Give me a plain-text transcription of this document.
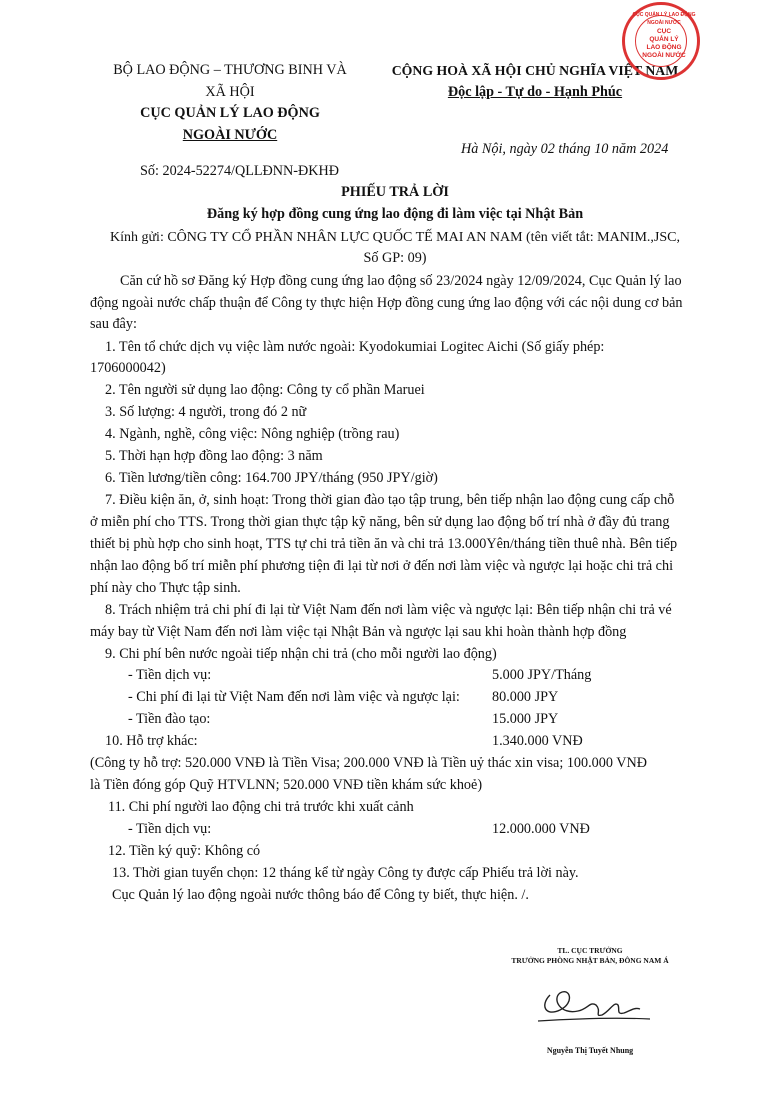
BỘ LAO ĐỘNG – THƯƠNG BINH VÀ
XÃ HỘI
CỤC QUẢN LÝ LAO ĐỘNG
NGOÀI NƯỚC
Số: 2024-52274/QLLĐNN-ĐKHĐ
CỘNG HOÀ XÃ HỘI CHỦ NGHĨA VIỆT NAM
Độc lập - Tự do - Hạnh Phúc
Hà Nội, ngày 02 tháng 10 năm 2024
CỤC QUẢN LÝ LAO ĐỘNG NGOÀI NƯỚC
CỤC
QUẢN LÝ
LAO ĐỘNG
NGOÀI NƯỚC
PHIẾU TRẢ LỜI
Đăng ký hợp đồng cung ứng lao động đi làm việc tại Nhật Bản
Kính gửi: CÔNG TY CỔ PHẦN NHÂN LỰC QUỐC TẾ MAI AN NAM (tên viết tắt: MANIM.,JSC,
Số GP: 09)
Căn cứ hồ sơ Đăng ký Hợp đồng cung ứng lao động số 23/2024 ngày 12/09/2024, Cục Quản lý lao
động ngoài nước chấp thuận để Công ty thực hiện Hợp đồng cung ứng lao động với các nội dung cơ bản
sau đây:
1. Tên tổ chức dịch vụ việc làm nước ngoài: Kyodokumiai Logitec Aichi (Số giấy phép:
1706000042)
2. Tên người sử dụng lao động: Công ty cổ phần Maruei
3. Số lượng: 4 người, trong đó 2 nữ
4. Ngành, nghề, công việc: Nông nghiệp (trồng rau)
5. Thời hạn hợp đồng lao động: 3 năm
6. Tiền lương/tiền công: 164.700 JPY/tháng (950 JPY/giờ)
7. Điều kiện ăn, ở, sinh hoạt: Trong thời gian đào tạo tập trung, bên tiếp nhận lao động cung cấp chỗ
ở miễn phí cho TTS. Trong thời gian thực tập kỹ năng, bên sử dụng lao động bố trí nhà ở đầy đủ trang
thiết bị phù hợp cho sinh hoạt, TTS tự chi trả tiền ăn và chi trả 13.000Yên/tháng tiền thuê nhà. Bên tiếp
nhận lao động bố trí miễn phí phương tiện đi lại từ nơi ở đến nơi làm việc và ngược lại hoặc chi trả chi
phí này cho Thực tập sinh.
8. Trách nhiệm trả chi phí đi lại từ Việt Nam đến nơi làm việc và ngược lại: Bên tiếp nhận chi trả vé
máy bay từ Việt Nam đến nơi làm việc tại Nhật Bản và ngược lại sau khi hoàn thành hợp đồng
9. Chi phí bên nước ngoài tiếp nhận chi trả (cho mỗi người lao động)
- Tiền dịch vụ:	5.000 JPY/Tháng
- Chi phí đi lại từ Việt Nam đến nơi làm việc và ngược lại: 80.000 JPY
- Tiền đào tạo:	15.000 JPY
10. Hỗ trợ khác:	1.340.000 VNĐ
(Công ty hỗ trợ: 520.000 VNĐ là Tiền Visa; 200.000 VNĐ là Tiền uỷ thác xin visa; 100.000 VNĐ
là Tiền đóng góp Quỹ HTVLNN; 520.000 VNĐ tiền khám sức khoẻ)
11. Chi phí người lao động chi trả trước khi xuất cảnh
- Tiền dịch vụ:	12.000.000 VNĐ
12. Tiền ký quỹ: Không có
13. Thời gian tuyển chọn: 12 tháng kể từ ngày Công ty được cấp Phiếu trả lời này.
Cục Quản lý lao động ngoài nước thông báo để Công ty biết, thực hiện. /.
TL. CỤC TRƯỞNG
TRƯỞNG PHÒNG NHẬT BẢN, ĐÔNG NAM Á
Nguyễn Thị Tuyết Nhung
